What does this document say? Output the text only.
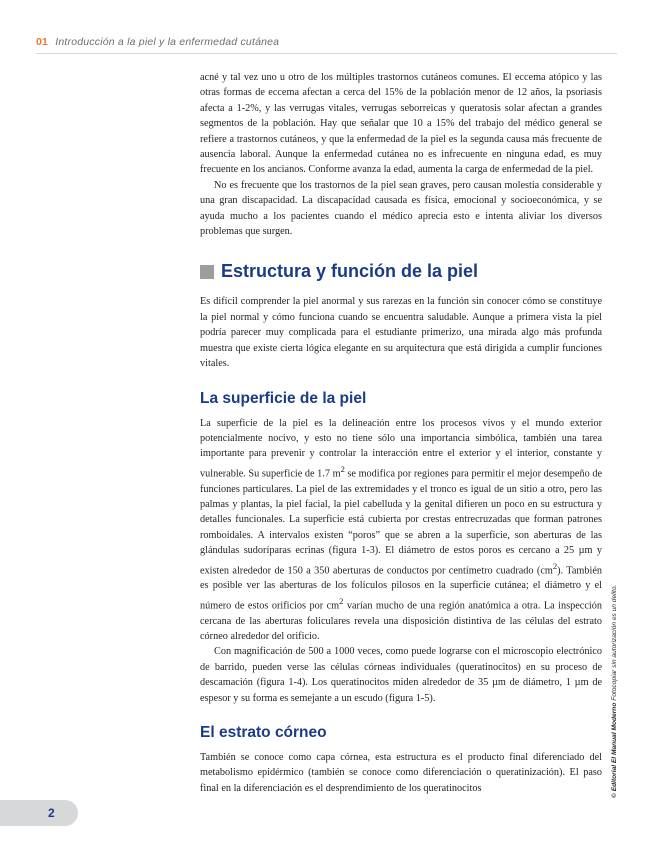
01 Introducción a la piel y la enfermedad cutánea

acné y tal vez uno u otro de los múltiples trastornos cutáneos comunes. El eccema atópico y las otras formas de eccema afectan a cerca del 15% de la población menor de 12 años, la psoriasis afecta a 1-2%, y las verrugas vitales, verrugas seborreicas y queratosis solar afectan a grandes segmentos de la población. Hay que señalar que 10 a 15% del trabajo del médico general se refiere a trastornos cutáneos, y que la enfermedad de la piel es la segunda causa más frecuente de ausencia laboral. Aunque la enfermedad cutánea no es infrecuente en ninguna edad, es muy frecuente en los ancianos. Conforme avanza la edad, aumenta la carga de enfermedad de la piel.

No es frecuente que los trastornos de la piel sean graves, pero causan molestia considerable y una gran discapacidad. La discapacidad causada es física, emocional y socioeconómica, y se ayuda mucho a los pacientes cuando el médico aprecia esto e intenta aliviar los diversos problemas que surgen.

Estructura y función de la piel

Es difícil comprender la piel anormal y sus rarezas en la función sin conocer cómo se constituye la piel normal y cómo funciona cuando se encuentra saludable. Aunque a primera vista la piel podría parecer muy complicada para el estudiante primerizo, una mirada algo más profunda muestra que existe cierta lógica elegante en su arquitectura que está dirigida a cumplir funciones vitales.

La superficie de la piel

La superficie de la piel es la delineación entre los procesos vivos y el mundo exterior potencialmente nocivo, y esto no tiene sólo una importancia simbólica, también una tarea importante para prevenir y controlar la interacción entre el exterior y el interior, constante y vulnerable. Su superficie de 1.7 $m^2$ se modifica por regiones para permitir el mejor desempeño de funciones particulares. La piel de las extremidades y el tronco es igual de un sitio a otro, pero las palmas y plantas, la piel facial, la piel cabelluda y la genital difieren un poco en su estructura y detalles funcionales. La superficie está cubierta por crestas entrecruzadas que forman patrones romboidales. A intervalos existen “poros” que se abren a la superficie, son aberturas de las glándulas sudoríparas ecrinas (figura 1-3). El diámetro de estos poros es cercano a 25 µm y existen alrededor de 150 a 350 aberturas de conductos por centímetro cuadrado $(cm^2)$. También es posible ver las aberturas de los folículos pilosos en la superficie cutánea; el diámetro y el número de estos orificios por $cm^2$ varían mucho de una región anatómica a otra. La inspección cercana de las aberturas foliculares revela una disposición distintiva de las células del estrato córneo alrededor del orificio.

Con magnificación de 500 a 1000 veces, como puede lograrse con el microscopio electrónico de barrido, pueden verse las células córneas individuales (queratinocitos) en su proceso de descamación (figura 1-4). Los queratinocitos miden alrededor de 35 µm de diámetro, 1 µm de espesor y su forma es semejante a un escudo (figura 1-5).

El estrato córneo

También se conoce como capa córnea, esta estructura es el producto final diferenciado del metabolismo epidérmico (también se conoce como diferenciación o queratinización). El paso final en la diferenciación es el desprendimiento de los queratinocitos

2
© Editorial El Manual Moderno Fotocopiar sin autorización es un delito.
